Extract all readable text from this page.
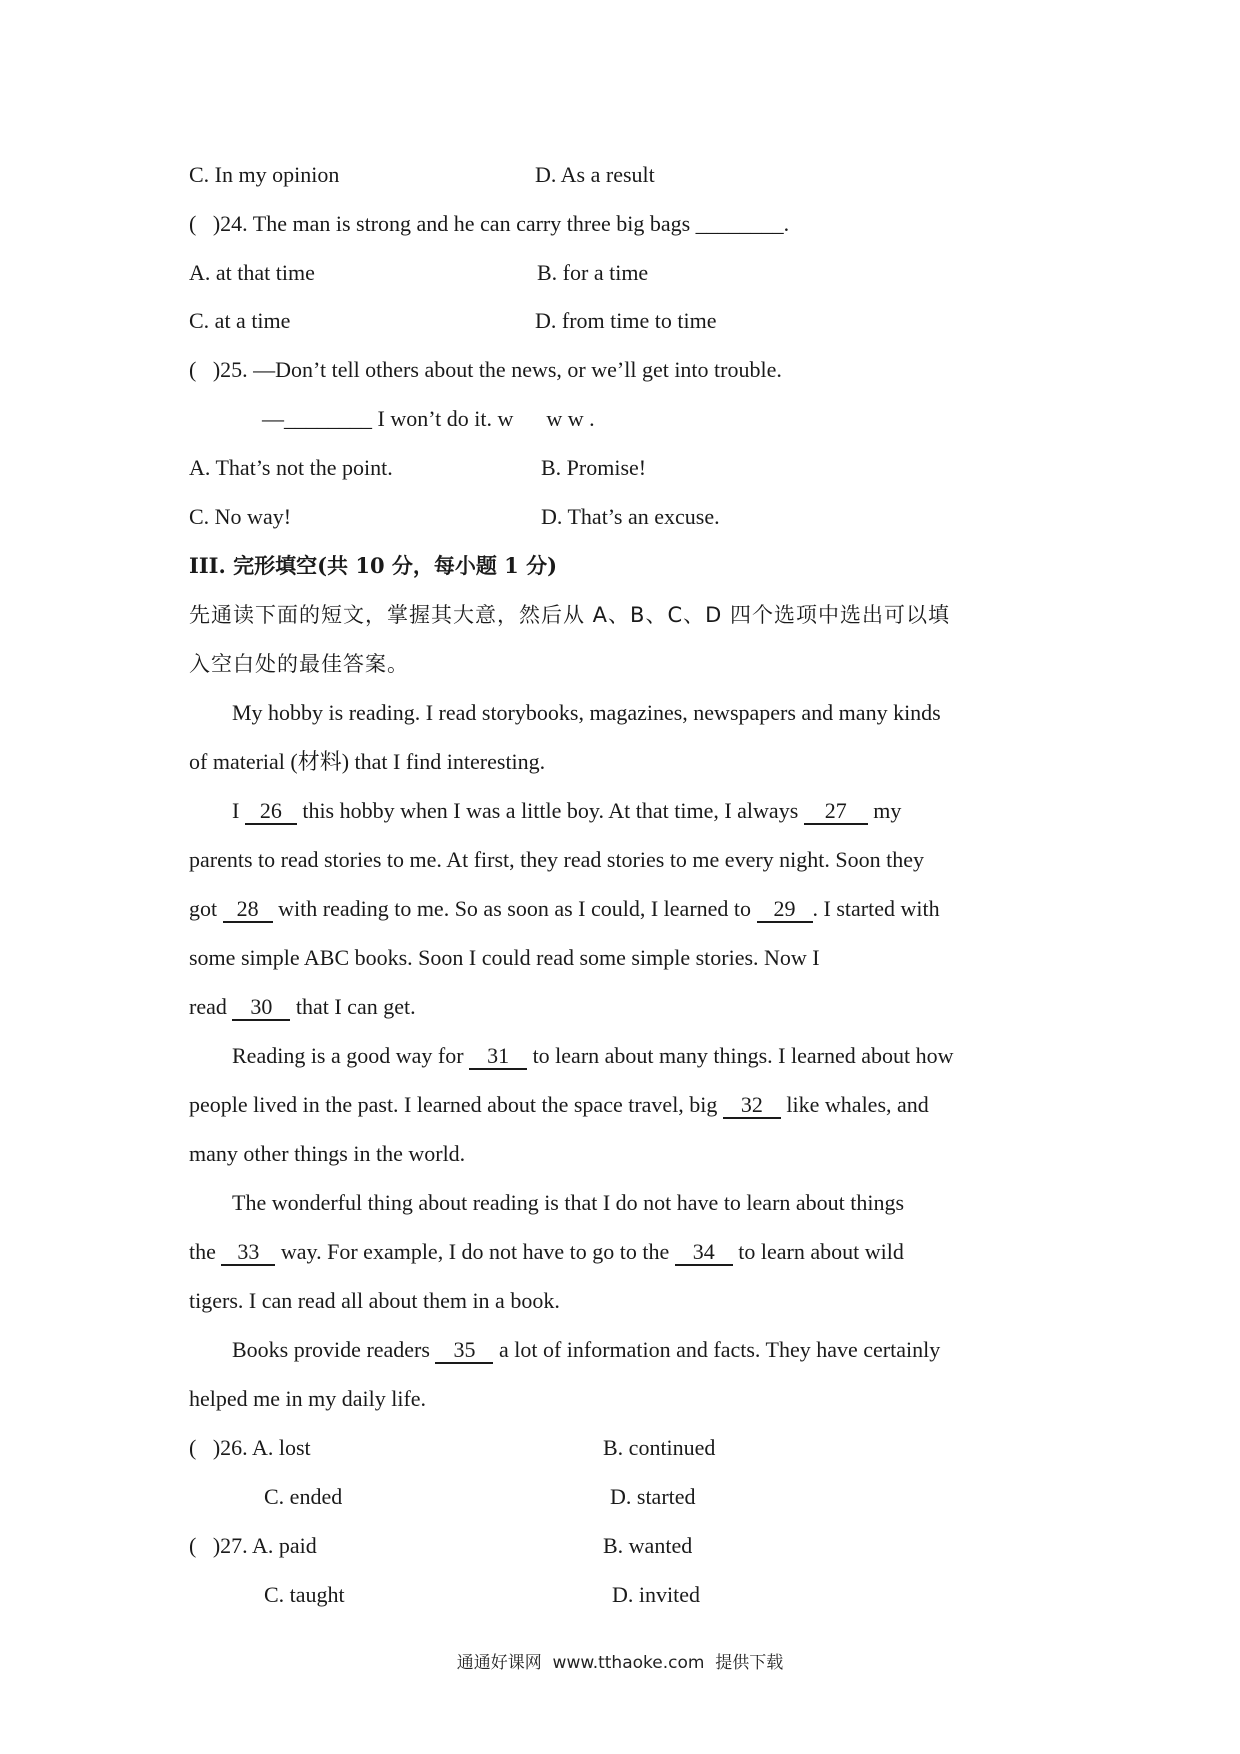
C. In my opinion	D. As a result
(   )24. The man is strong and he can carry three big bags ________.
A. at that time	B. for a time
C. at a time	D. from time to time
(   )25. —Don’t tell others about the news, or we’ll get into trouble.
—________ I won’t do it. w      w w .
A. That’s not the point.	B. Promise!
C. No way!	D. That’s an excuse.
III. 完形填空(共 10 分，每小题 1 分)
先通读下面的短文，掌握其大意，然后从 A、B、C、D 四个选项中选出可以填
入空白处的最佳答案。
My hobby is reading. I read storybooks, magazines, newspapers and many kinds
of material (材料) that I find interesting.
I 26 this hobby when I was a little boy. At that time, I always 27 my
parents to read stories to me. At first, they read stories to me every night. Soon they
got 28 with reading to me. So as soon as I could, I learned to 29 . I started with
some simple ABC books. Soon I could read some simple stories. Now I
read 30 that I can get.
Reading is a good way for 31 to learn about many things. I learned about how
people lived in the past. I learned about the space travel, big 32 like whales, and
many other things in the world.
The wonderful thing about reading is that I do not have to learn about things
the 33 way. For example, I do not have to go to the 34 to learn about wild
tigers. I can read all about them in a book.
Books provide readers 35 a lot of information and facts. They have certainly
helped me in my daily life.
(   )26. A. lost	B. continued
C. ended	D. started
(   )27. A. paid	B. wanted
C. taught	D. invited
通通好课网  www.tthaoke.com  提供下载
